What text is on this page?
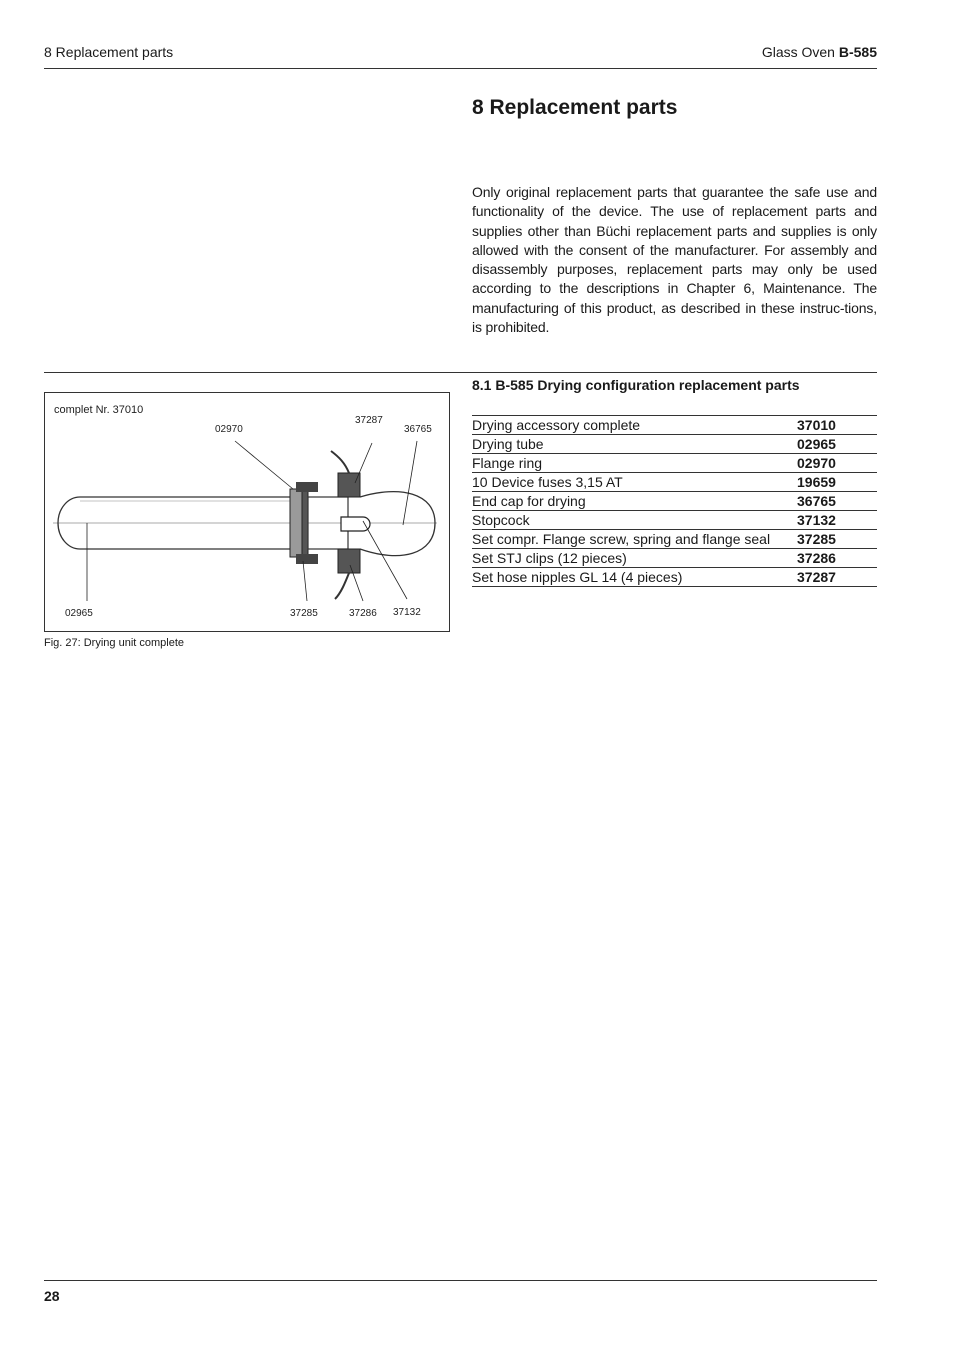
8 Replacement parts	Glass Oven B-585
8 Replacement parts

Only original replacement parts that guarantee the safe use and functionality of the device. The use of replacement parts and supplies other than Büchi replacement parts and supplies is only allowed with the consent of the manufacturer. For assembly and disassembly purposes, replacement parts may only be used according to the descriptions in Chapter 6, Maintenance. The manufacturing of this product, as described in these instruc-tions, is prohibited.

8.1 B-585 Drying configuration replacement parts
Drying accessory complete	37010
Drying tube	02965
Flange ring	02970
10 Device fuses 3,15 AT	19659
End cap for drying	36765
Stopcock	37132
Set compr. Flange screw, spring and flange seal	37285
Set STJ clips (12 pieces)	37286
Set hose nipples GL 14 (4 pieces)	37287
complet Nr. 37010
02970
37287
36765
02965	37285	37286 37132
Fig. 27: Drying unit complete
28
